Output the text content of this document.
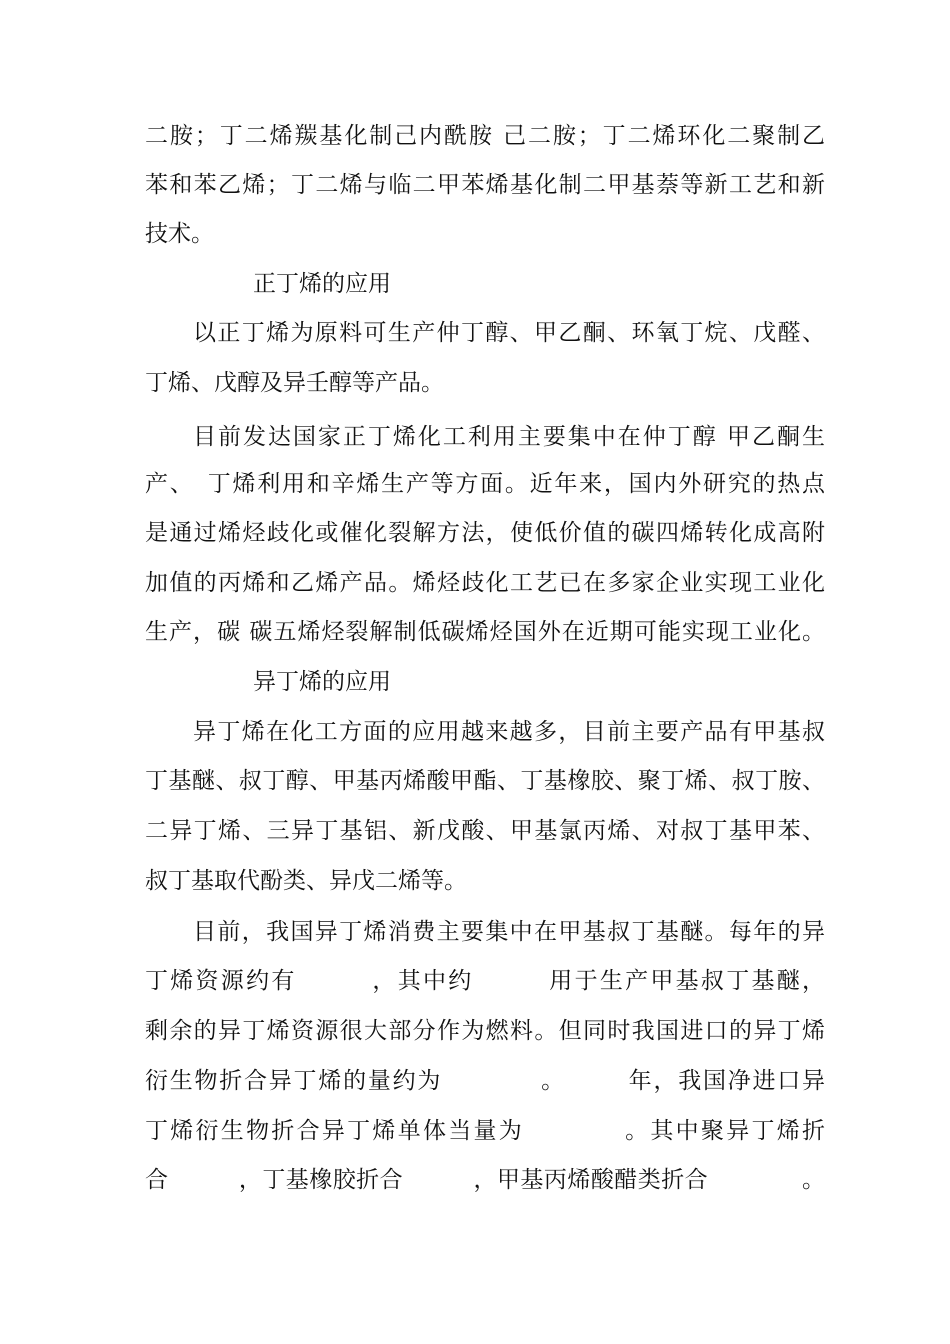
二胺；丁二烯羰基化制己内酰胺 己二胺；丁二烯环化二聚制乙
苯和苯乙烯；丁二烯与临二甲苯烯基化制二甲基萘等新工艺和新
技术。
正丁烯的应用
以正丁烯为原料可生产仲丁醇、甲乙酮、环氧丁烷、戊醛、
丁烯、戊醇及异壬醇等产品。
目前发达国家正丁烯化工利用主要集中在仲丁醇 甲乙酮生
产、　丁烯利用和辛烯生产等方面。近年来，国内外研究的热点
是通过烯烃歧化或催化裂解方法，使低价值的碳四烯转化成高附
加值的丙烯和乙烯产品。烯烃歧化工艺已在多家企业实现工业化
生产，碳 碳五烯烃裂解制低碳烯烃国外在近期可能实现工业化。
异丁烯的应用
异丁烯在化工方面的应用越来越多，目前主要产品有甲基叔
丁基醚、叔丁醇、甲基丙烯酸甲酯、丁基橡胶、聚丁烯、叔丁胺、
二异丁烯、三异丁基铝、新戊酸、甲基氯丙烯、对叔丁基甲苯、
叔丁基取代酚类、异戊二烯等。
目前，我国异丁烯消费主要集中在甲基叔丁基醚。每年的异
丁烯资源约有　　　，其中约　　　用于生产甲基叔丁基醚，
剩余的异丁烯资源很大部分作为燃料。但同时我国进口的异丁烯
衍生物折合异丁烯的量约为　　　　。　　　年，我国净进口异
丁烯衍生物折合异丁烯单体当量为　　　　。其中聚异丁烯折
合　　　，丁基橡胶折合　　　，甲基丙烯酸醋类折合　　　　。
